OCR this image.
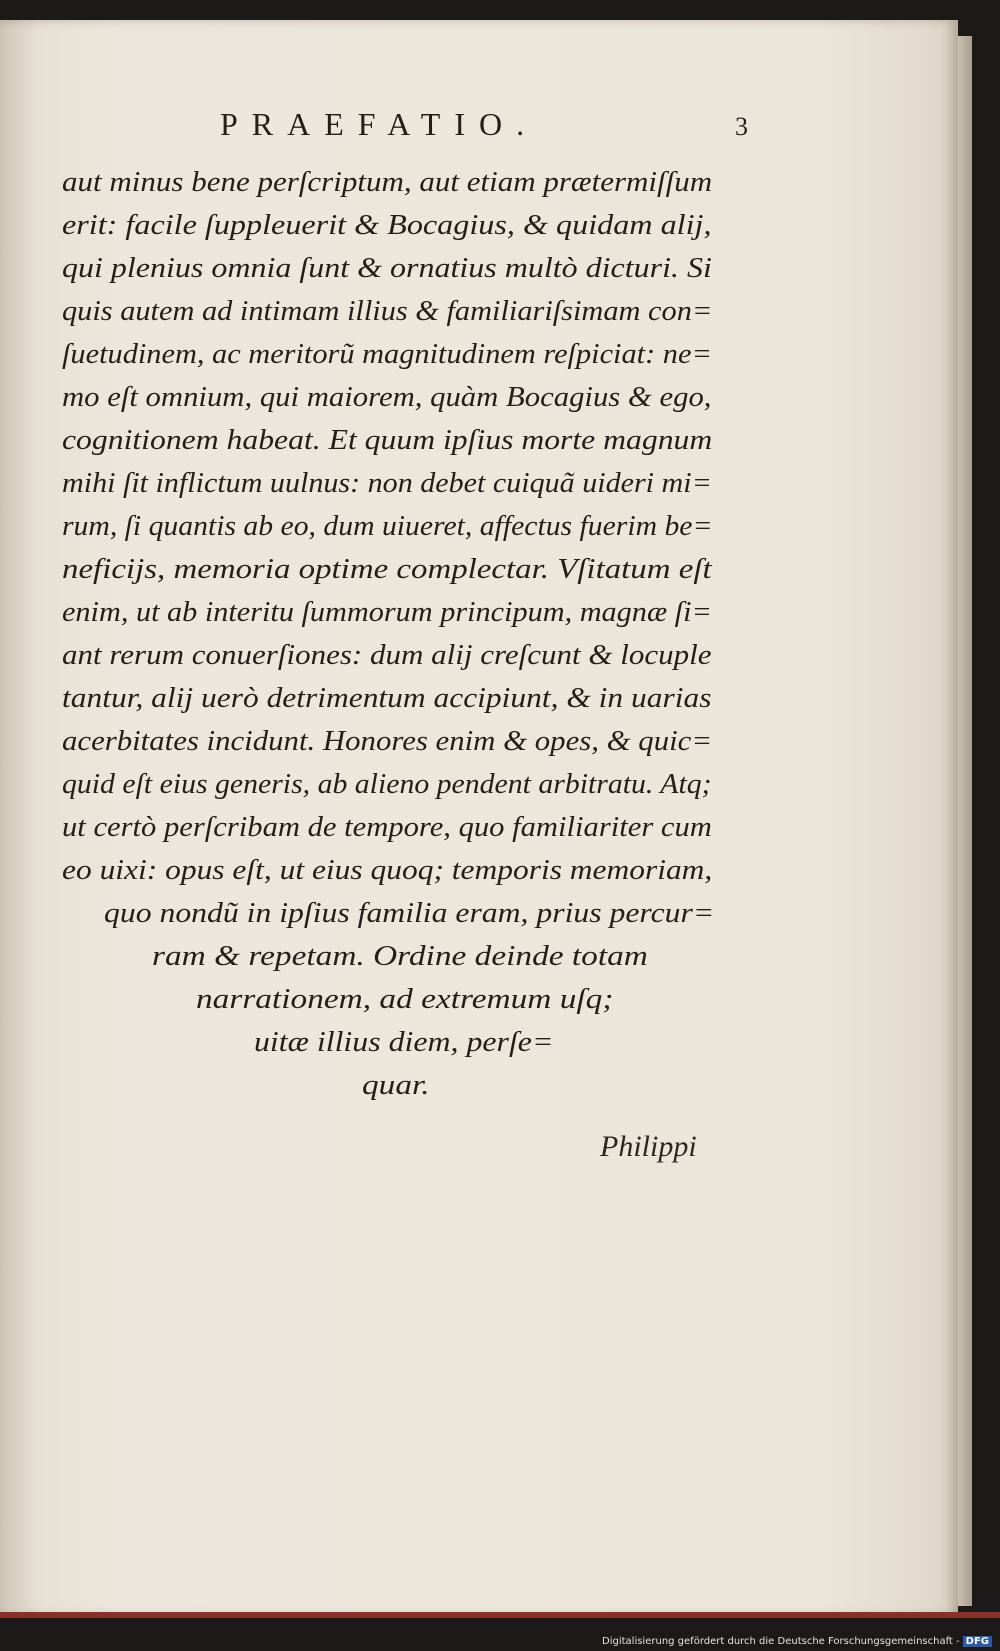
PRAEFATIO.	3
aut minus bene perſcriptum, aut etiam prætermiſſum
erit: facile ſuppleuerit & Bocagius, & quidam alij,
qui plenius omnia ſunt & ornatius multò dicturi. Si
quis autem ad intimam illius & familiariſsimam con=
ſuetudinem, ac meritorũ magnitudinem reſpiciat: ne=
mo eſt omnium, qui maiorem, quàm Bocagius & ego,
cognitionem habeat. Et quum ipſius morte magnum
mihi ſit inflictum uulnus: non debet cuiquã uideri mi=
rum, ſi quantis ab eo, dum uiueret, affectus fuerim be=
neficijs, memoria optime complectar. Vſitatum eſt
enim, ut ab interitu ſummorum principum, magnæ ſi=
ant rerum conuerſiones: dum alij creſcunt & locuple
tantur, alij uerò detrimentum accipiunt, & in uarias
acerbitates incidunt. Honores enim & opes, & quic=
quid eſt eius generis, ab alieno pendent arbitratu. Atq;
ut certò perſcribam de tempore, quo familiariter cum
eo uixi: opus eſt, ut eius quoq; temporis memoriam,
quo nondũ in ipſius familia eram, prius percur=
ram & repetam. Ordine deinde totam
narrationem, ad extremum uſq;
uitæ illius diem, perſe=
quar.
Philippi
Digitalisierung gefördert durch die Deutsche Forschungsgemeinschaft - DFG
